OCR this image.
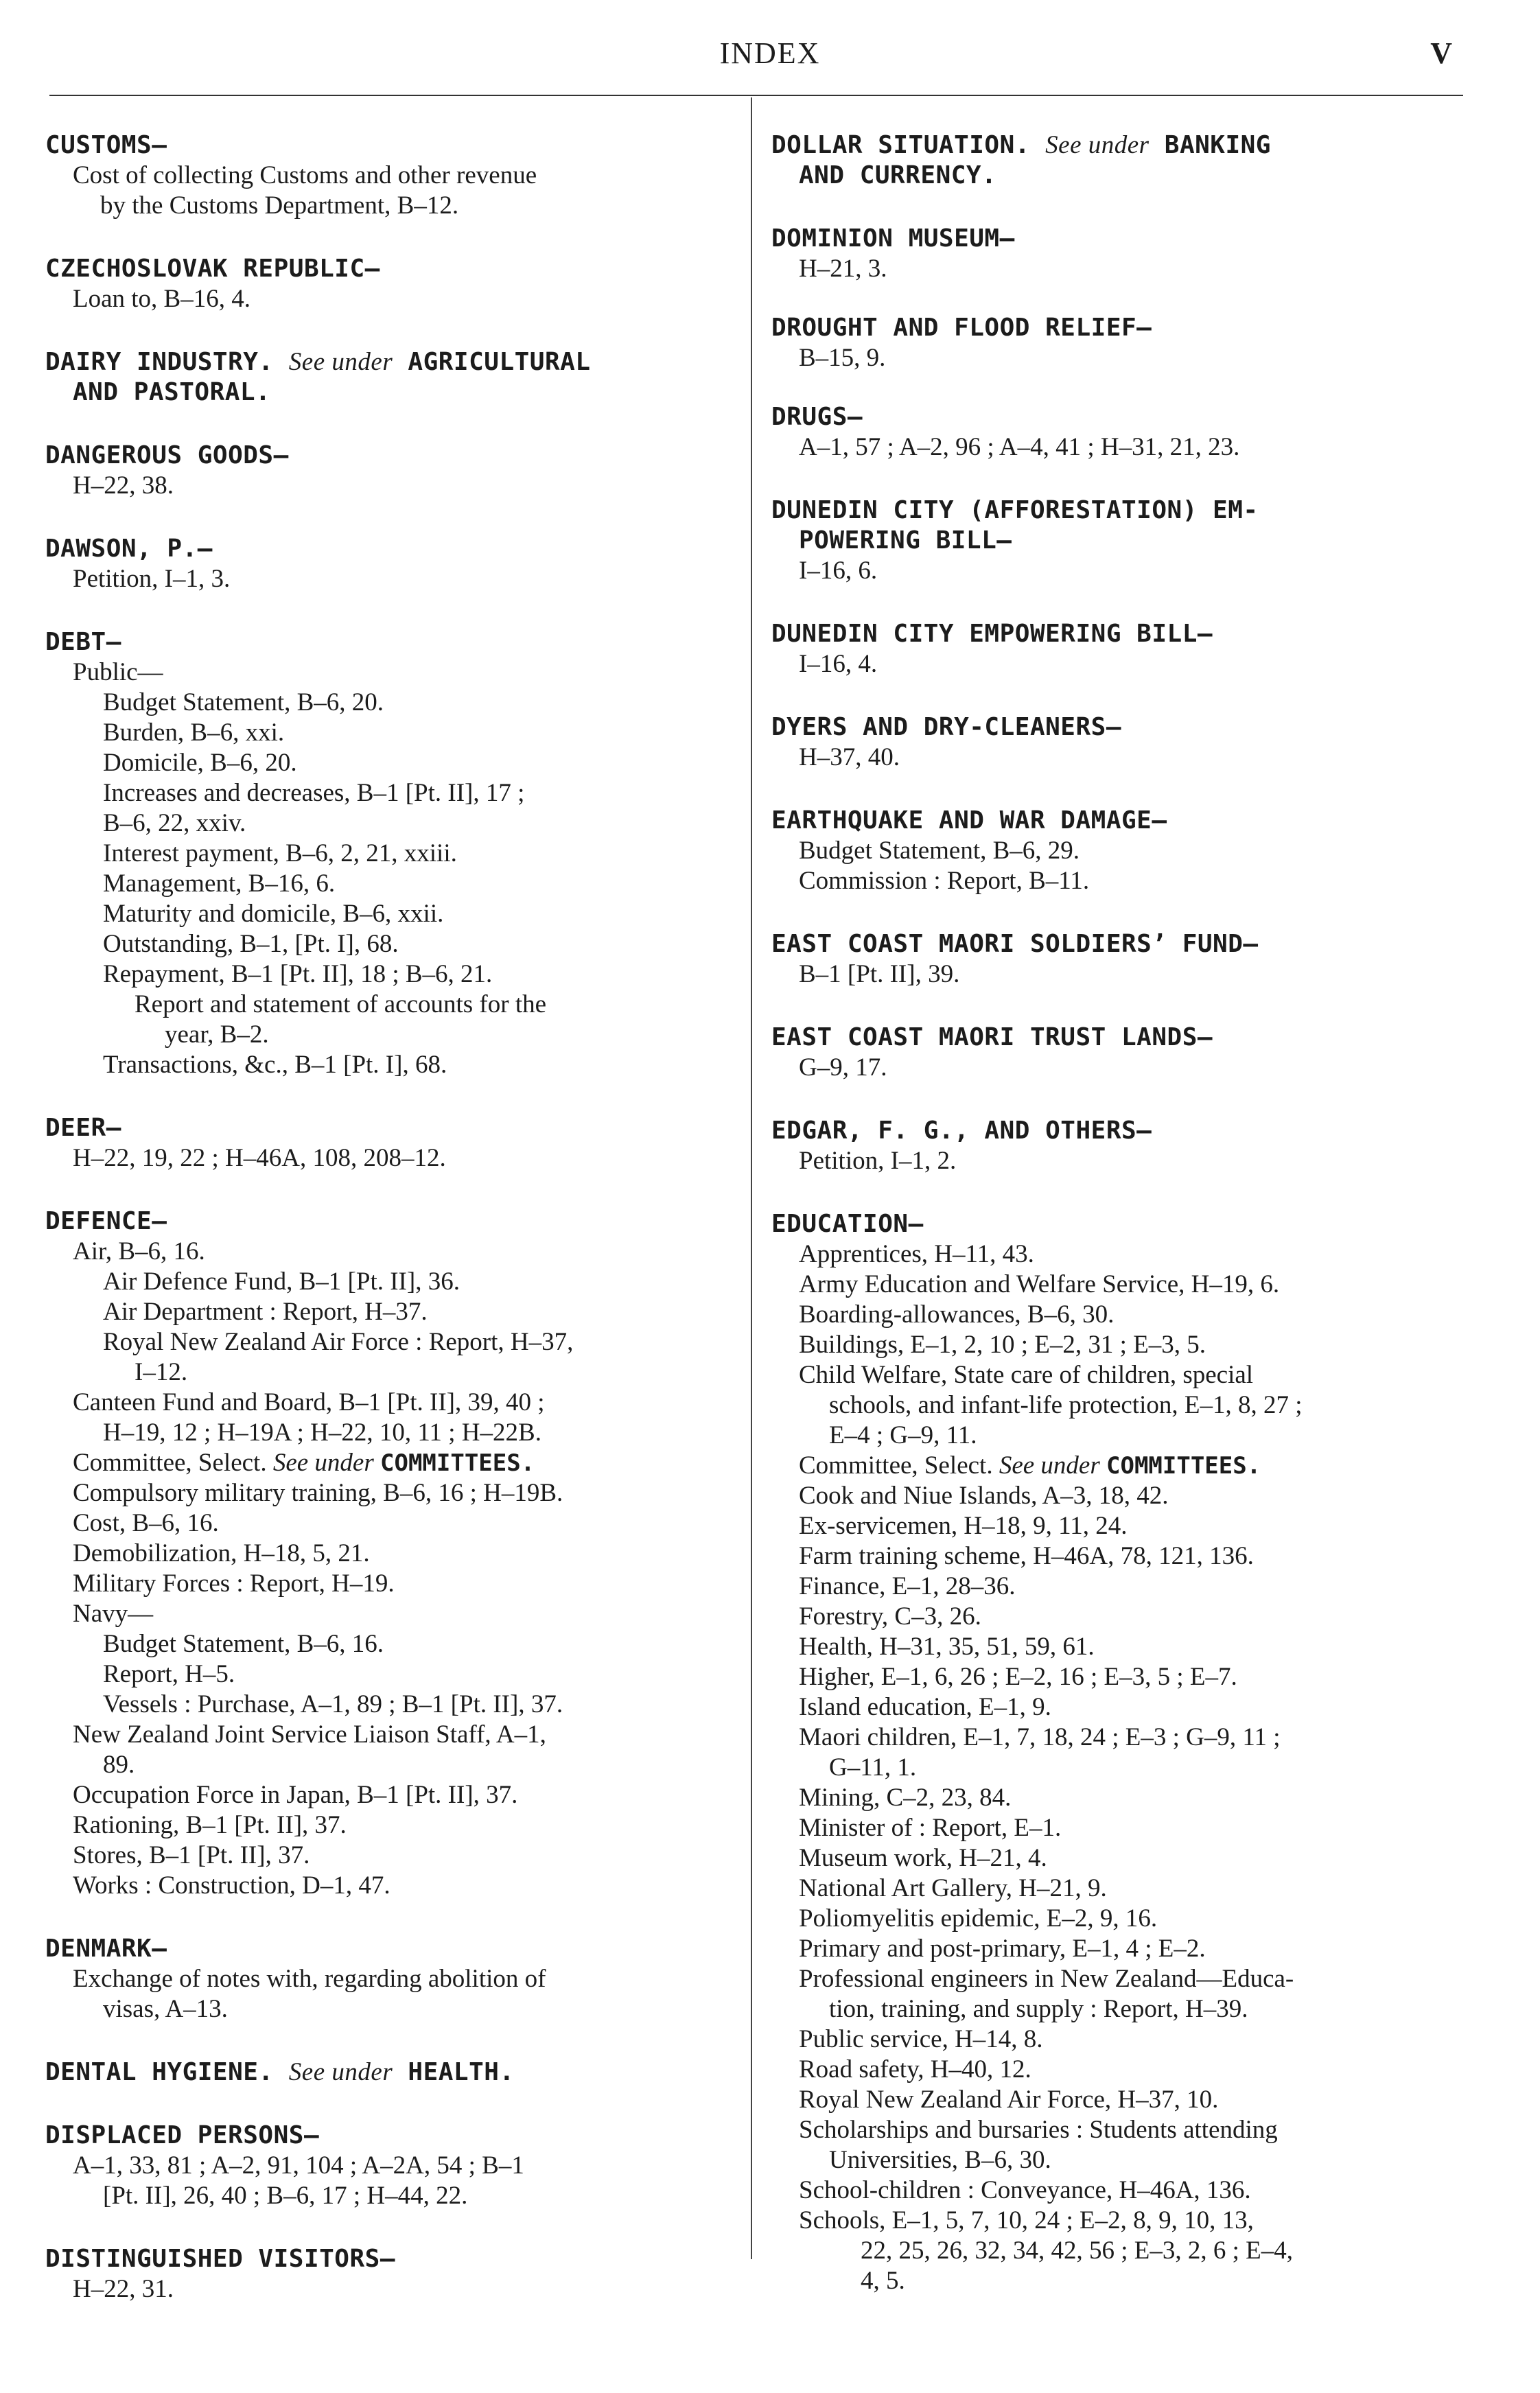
INDEX	V
CUSTOMS—
Cost of collecting Customs and other revenue
by the Customs Department, B–12.
CZECHOSLOVAK REPUBLIC—
Loan to, B–16, 4.
DAIRY INDUSTRY. See under AGRICULTURAL
AND PASTORAL.
DANGEROUS GOODS—
H–22, 38.
DAWSON, P.—
Petition, I–1, 3.
DEBT—
Public—
Budget Statement, B–6, 20.
Burden, B–6, xxi.
Domicile, B–6, 20.
Increases and decreases, B–1 [Pt. II], 17 ;
B–6, 22, xxiv.
Interest payment, B–6, 2, 21, xxiii.
Management, B–16, 6.
Maturity and domicile, B–6, xxii.
Outstanding, B–1, [Pt. I], 68.
Repayment, B–1 [Pt. II], 18 ; B–6, 21.
Report and statement of accounts for the
year, B–2.
Transactions, &c., B–1 [Pt. I], 68.
DEER—
H–22, 19, 22 ; H–46A, 108, 208–12.
DEFENCE—
Air, B–6, 16.
Air Defence Fund, B–1 [Pt. II], 36.
Air Department : Report, H–37.
Royal New Zealand Air Force : Report, H–37,
I–12.
Canteen Fund and Board, B–1 [Pt. II], 39, 40 ;
H–19, 12 ; H–19A ; H–22, 10, 11 ; H–22B.
Committee, Select. See under COMMITTEES.
Compulsory military training, B–6, 16 ; H–19B.
Cost, B–6, 16.
Demobilization, H–18, 5, 21.
Military Forces : Report, H–19.
Navy—
Budget Statement, B–6, 16.
Report, H–5.
Vessels : Purchase, A–1, 89 ; B–1 [Pt. II], 37.
New Zealand Joint Service Liaison Staff, A–1,
89.
Occupation Force in Japan, B–1 [Pt. II], 37.
Rationing, B–1 [Pt. II], 37.
Stores, B–1 [Pt. II], 37.
Works : Construction, D–1, 47.
DENMARK—
Exchange of notes with, regarding abolition of
visas, A–13.
DENTAL HYGIENE. See under HEALTH.
DISPLACED PERSONS—
A–1, 33, 81 ; A–2, 91, 104 ; A–2A, 54 ; B–1
[Pt. II], 26, 40 ; B–6, 17 ; H–44, 22.
DISTINGUISHED VISITORS—
H–22, 31.
DOLLAR SITUATION. See under BANKING
AND CURRENCY.
DOMINION MUSEUM—
H–21, 3.
DROUGHT AND FLOOD RELIEF—
B–15, 9.
DRUGS—
A–1, 57 ; A–2, 96 ; A–4, 41 ; H–31, 21, 23.
DUNEDIN CITY (AFFORESTATION) EM-
POWERING BILL—
I–16, 6.
DUNEDIN CITY EMPOWERING BILL—
I–16, 4.
DYERS AND DRY-CLEANERS—
H–37, 40.
EARTHQUAKE AND WAR DAMAGE—
Budget Statement, B–6, 29.
Commission : Report, B–11.
EAST COAST MAORI SOLDIERS’ FUND—
B–1 [Pt. II], 39.
EAST COAST MAORI TRUST LANDS—
G–9, 17.
EDGAR, F. G., AND OTHERS—
Petition, I–1, 2.
EDUCATION—
Apprentices, H–11, 43.
Army Education and Welfare Service, H–19, 6.
Boarding-allowances, B–6, 30.
Buildings, E–1, 2, 10 ; E–2, 31 ; E–3, 5.
Child Welfare, State care of children, special
schools, and infant-life protection, E–1, 8, 27 ;
E–4 ; G–9, 11.
Committee, Select. See under COMMITTEES.
Cook and Niue Islands, A–3, 18, 42.
Ex-servicemen, H–18, 9, 11, 24.
Farm training scheme, H–46A, 78, 121, 136.
Finance, E–1, 28–36.
Forestry, C–3, 26.
Health, H–31, 35, 51, 59, 61.
Higher, E–1, 6, 26 ; E–2, 16 ; E–3, 5 ; E–7.
Island education, E–1, 9.
Maori children, E–1, 7, 18, 24 ; E–3 ; G–9, 11 ;
G–11, 1.
Mining, C–2, 23, 84.
Minister of : Report, E–1.
Museum work, H–21, 4.
National Art Gallery, H–21, 9.
Poliomyelitis epidemic, E–2, 9, 16.
Primary and post-primary, E–1, 4 ; E–2.
Professional engineers in New Zealand—Educa-
tion, training, and supply : Report, H–39.
Public service, H–14, 8.
Road safety, H–40, 12.
Royal New Zealand Air Force, H–37, 10.
Scholarships and bursaries : Students attending
Universities, B–6, 30.
School-children : Conveyance, H–46A, 136.
Schools, E–1, 5, 7, 10, 24 ; E–2, 8, 9, 10, 13,
22, 25, 26, 32, 34, 42, 56 ; E–3, 2, 6 ; E–4,
4, 5.
